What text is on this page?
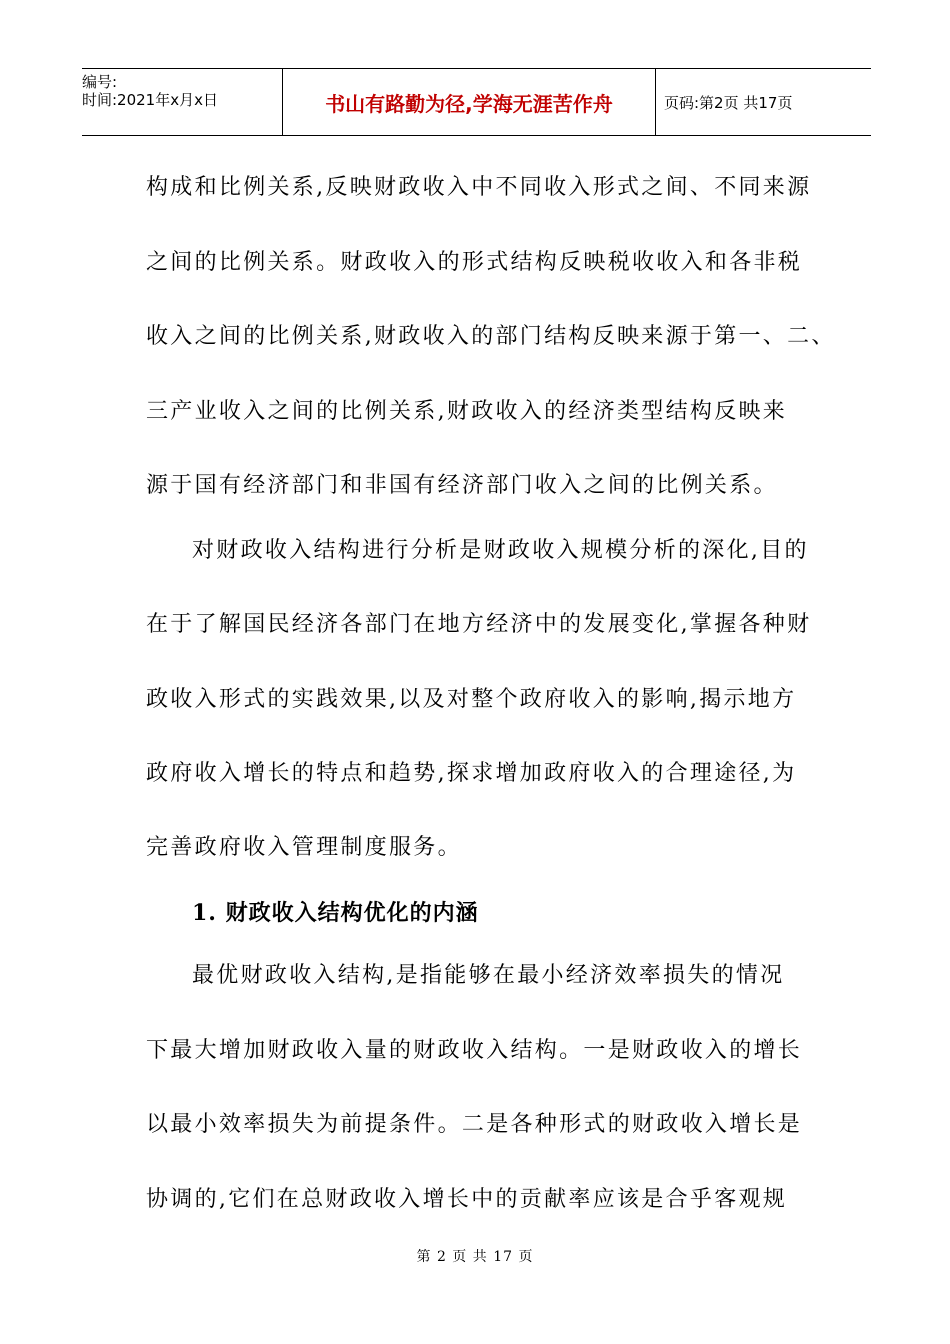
编号:
时间:2021年x月x日	书山有路勤为径,学海无涯苦作舟	页码:第2页 共17页
构成和比例关系,反映财政收入中不同收入形式之间、不同来源
之间的比例关系。财政收入的形式结构反映税收收入和各非税
收入之间的比例关系,财政收入的部门结构反映来源于第一、二、
三产业收入之间的比例关系,财政收入的经济类型结构反映来
源于国有经济部门和非国有经济部门收入之间的比例关系。
对财政收入结构进行分析是财政收入规模分析的深化,目的
在于了解国民经济各部门在地方经济中的发展变化,掌握各种财
政收入形式的实践效果,以及对整个政府收入的影响,揭示地方
政府收入增长的特点和趋势,探求增加政府收入的合理途径,为
完善政府收入管理制度服务。
1. 财政收入结构优化的内涵
最优财政收入结构,是指能够在最小经济效率损失的情况
下最大增加财政收入量的财政收入结构。一是财政收入的增长
以最小效率损失为前提条件。二是各种形式的财政收入增长是
协调的,它们在总财政收入增长中的贡献率应该是合乎客观规
第 2 页 共 17 页
